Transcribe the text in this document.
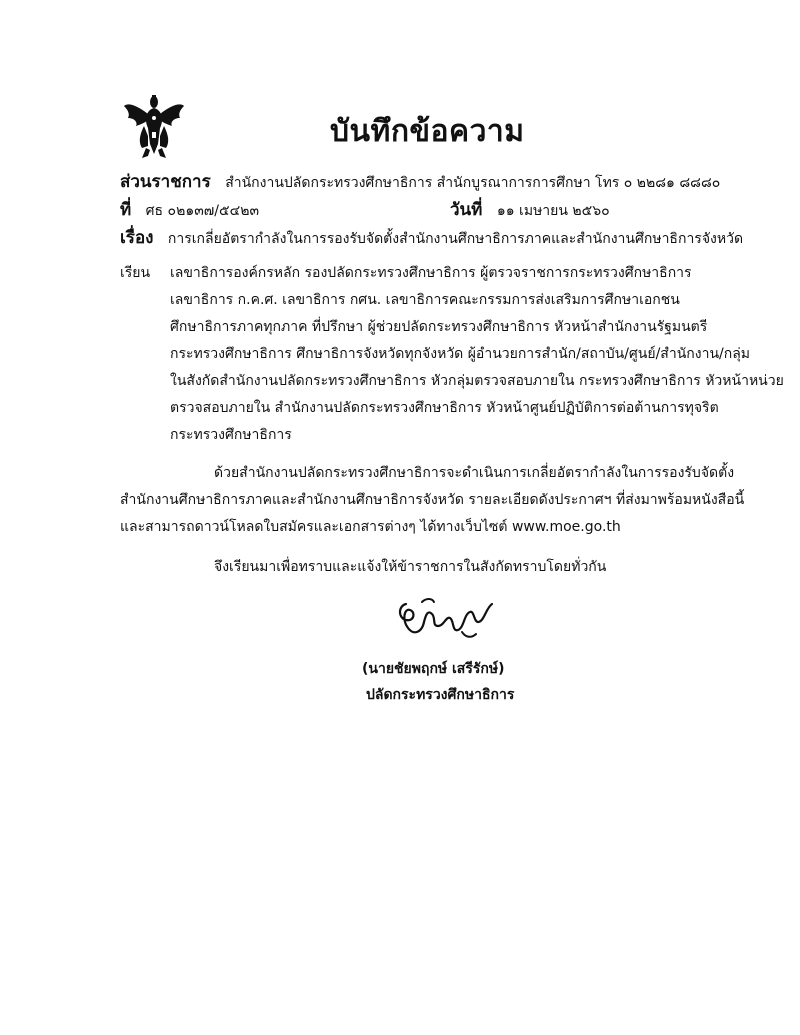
บันทึกข้อความ
ส่วนราชการ สำนักงานปลัดกระทรวงศึกษาธิการ สำนักบูรณาการการศึกษา โทร ๐ ๒๒๘๑ ๘๘๘๐
ที่ ศธ ๐๒๑๓๗/๕๔๒๓	วันที่ ๑๑ เมษายน ๒๕๖๐
เรื่อง การเกลี่ยอัตรากำลังในการรองรับจัดตั้งสำนักงานศึกษาธิการภาคและสำนักงานศึกษาธิการจังหวัด
เรียน เลขาธิการองค์กรหลัก รองปลัดกระทรวงศึกษาธิการ ผู้ตรวจราชการกระทรวงศึกษาธิการ
เลขาธิการ ก.ค.ศ. เลขาธิการ กศน. เลขาธิการคณะกรรมการส่งเสริมการศึกษาเอกชน
ศึกษาธิการภาคทุกภาค ที่ปรึกษา ผู้ช่วยปลัดกระทรวงศึกษาธิการ หัวหน้าสำนักงานรัฐมนตรี
กระทรวงศึกษาธิการ ศึกษาธิการจังหวัดทุกจังหวัด ผู้อำนวยการสำนัก/สถาบัน/ศูนย์/สำนักงาน/กลุ่ม
ในสังกัดสำนักงานปลัดกระทรวงศึกษาธิการ หัวกลุ่มตรวจสอบภายใน กระทรวงศึกษาธิการ หัวหน้าหน่วย
ตรวจสอบภายใน สำนักงานปลัดกระทรวงศึกษาธิการ หัวหน้าศูนย์ปฏิบัติการต่อต้านการทุจริต
กระทรวงศึกษาธิการ
ด้วยสำนักงานปลัดกระทรวงศึกษาธิการจะดำเนินการเกลี่ยอัตรากำลังในการรองรับจัดตั้ง
สำนักงานศึกษาธิการภาคและสำนักงานศึกษาธิการจังหวัด รายละเอียดดังประกาศฯ ที่ส่งมาพร้อมหนังสือนี้
และสามารถดาวน์โหลดใบสมัครและเอกสารต่างๆ ได้ทางเว็บไซต์ www.moe.go.th
จึงเรียนมาเพื่อทราบและแจ้งให้ข้าราชการในสังกัดทราบโดยทั่วกัน
(นายชัยพฤกษ์ เสรีรักษ์)
ปลัดกระทรวงศึกษาธิการ
